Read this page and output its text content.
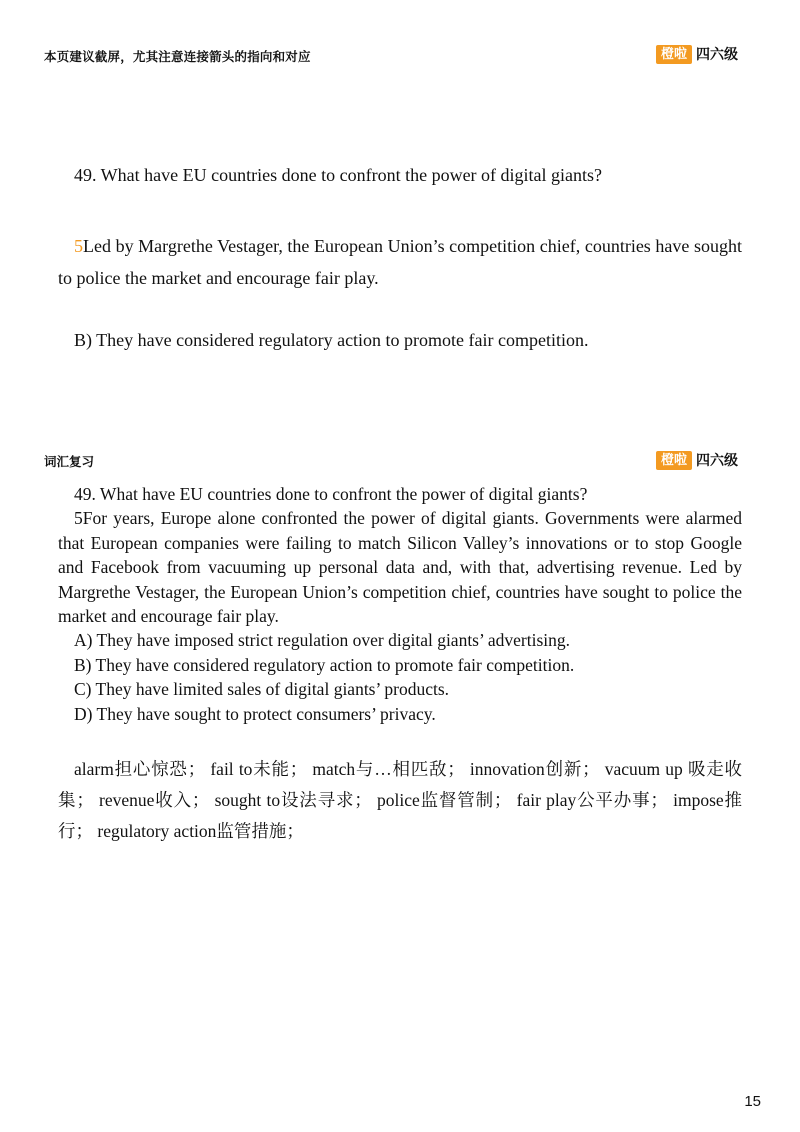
本页建议截屏，尤其注意连接箭头的指向和对应	橙啦 四六级
49. What have EU countries done to confront the power of digital giants?
5Led by Margrethe Vestager, the European Union’s competition chief, countries have sought to police the market and encourage fair play.
B) They have considered regulatory action to promote fair competition.
词汇复习	橙啦 四六级
49. What have EU countries done to confront the power of digital giants?
5For years, Europe alone confronted the power of digital giants. Governments were alarmed that European companies were failing to match Silicon Valley’s innovations or to stop Google and Facebook from vacuuming up personal data and, with that, advertising revenue. Led by Margrethe Vestager, the European Union’s competition chief, countries have sought to police the market and encourage fair play.
A) They have imposed strict regulation over digital giants’ advertising.
B) They have considered regulatory action to promote fair competition.
C) They have limited sales of digital giants’ products.
D) They have sought to protect consumers’ privacy.
alarm担心惊恐； fail to未能； match与…相匹敌； innovation创新； vacuum up 吸走收集； revenue收入； sought to设法寻求； police监督管制； fair play公平办事； impose推行； regulatory action监管措施；
15
